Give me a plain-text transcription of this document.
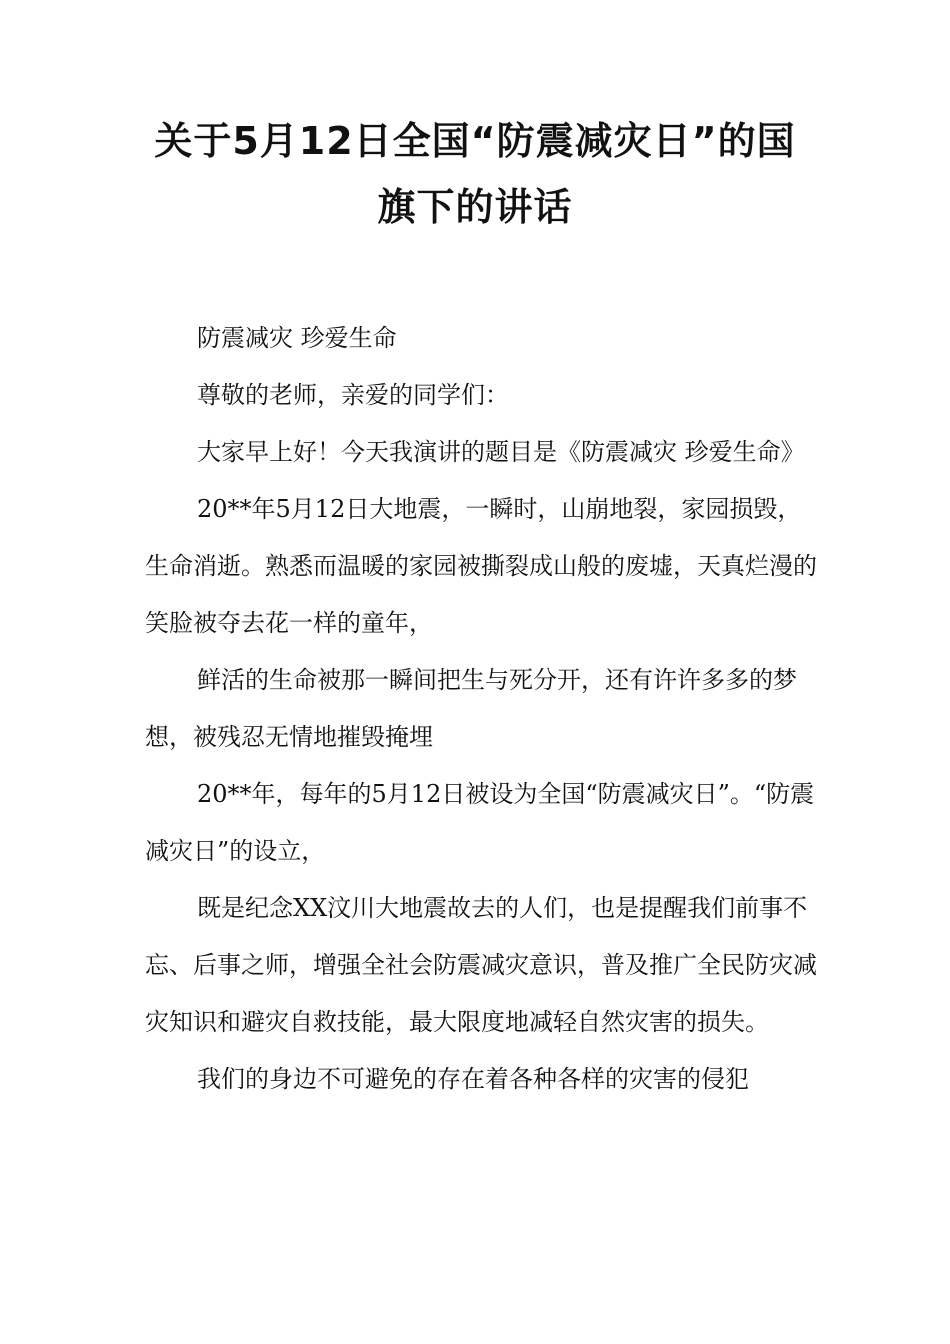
关于5月12日全国“防震减灾日”的国
旗下的讲话

防震减灾 珍爱生命

尊敬的老师，亲爱的同学们：

大家早上好！今天我演讲的题目是《防震减灾 珍爱生命》

20**年5月12日大地震，一瞬时，山崩地裂，家园损毁，生命消逝。熟悉而温暖的家园被撕裂成山般的废墟，天真烂漫的笑脸被夺去花一样的童年，

鲜活的生命被那一瞬间把生与死分开，还有许许多多的梦想，被残忍无情地摧毁掩埋

20**年，每年的5月12日被设为全国“防震减灾日”。“防震减灾日”的设立，

既是纪念XX汶川大地震故去的人们，也是提醒我们前事不忘、后事之师，增强全社会防震减灾意识，普及推广全民防灾减灾知识和避灾自救技能，最大限度地减轻自然灾害的损失。

我们的身边不可避免的存在着各种各样的灾害的侵犯
